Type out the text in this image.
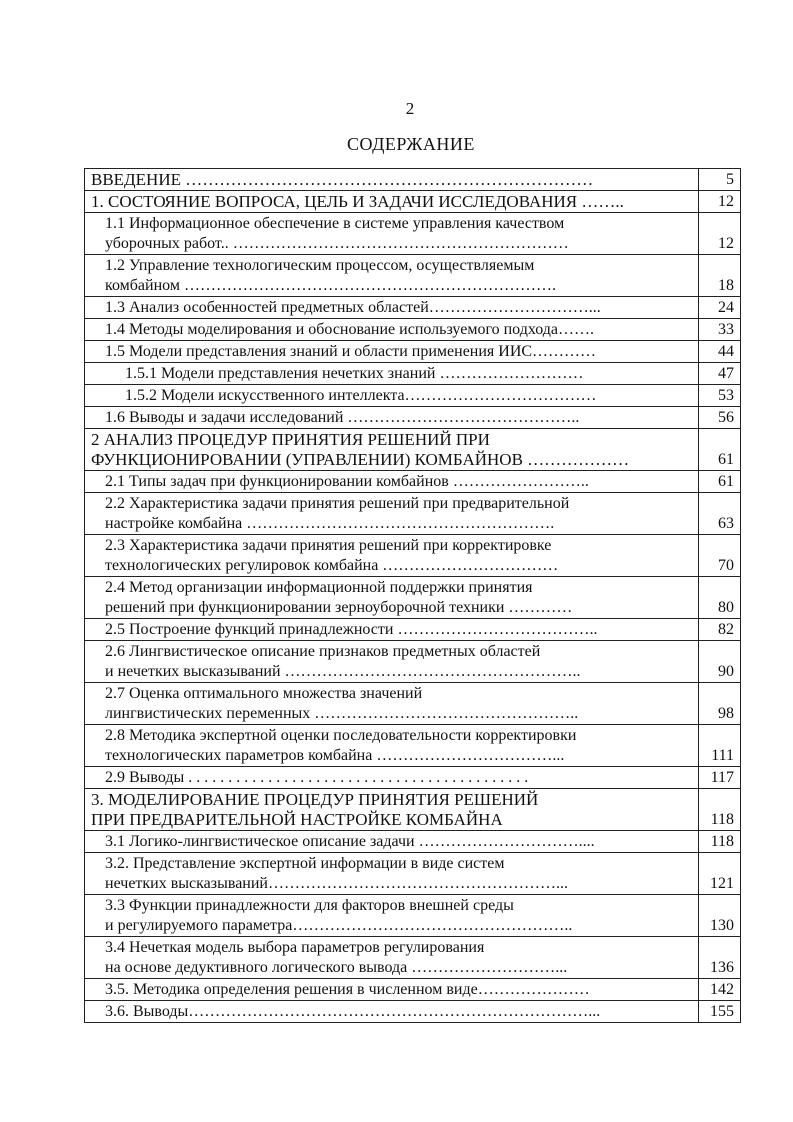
2
СОДЕРЖАНИЕ
ВВЕДЕНИЕ ………………………………………………………………	5
1. СОСТОЯНИЕ ВОПРОСА, ЦЕЛЬ И ЗАДАЧИ ИССЛЕДОВАНИЯ ……..	12
1.1 Информационное обеспечение в системе управления качеством
уборочных работ.. ………………………………………………………	12
1.2 Управление технологическим процессом, осуществляемым
комбайном …………………………………………………………….	18
1.3 Анализ особенностей предметных областей…………………………...	24
1.4 Методы моделирования и обоснование используемого подхода…….	33
1.5 Модели представления знаний и области применения ИИС…………	44
1.5.1 Модели представления нечетких знаний ………………………	47
1.5.2 Модели искусственного интеллекта………………………………	53
1.6 Выводы и задачи исследований ……………………………………..	56
2 АНАЛИЗ ПРОЦЕДУР ПРИНЯТИЯ РЕШЕНИЙ ПРИ
ФУНКЦИОНИРОВАНИИ (УПРАВЛЕНИИ) КОМБАЙНОВ ………………	61
2.1 Типы задач при функционировании комбайнов ……………………..	61
2.2 Характеристика задачи принятия решений при предварительной
настройке комбайна ………………………………………………….	63
2.3 Характеристика задачи принятия решений при корректировке
технологических регулировок комбайна ……………………………	70
2.4 Метод организации информационной поддержки принятия
решений при функционировании зерноуборочной техники …………	80
2.5 Построение функций принадлежности ………………………………..	82
2.6 Лингвистическое описание признаков предметных областей
и нечетких высказываний ………………………………………………..	90
2.7 Оценка оптимального множества значений
лингвистических переменных …………………………………………..	98
2.8 Методика экспертной оценки последовательности корректировки
технологических параметров комбайна ……………………………...	111
2.9 Выводы . . . . . . . . . . . . . . . . . . . . . . . . . . . . . . . . . . . . . . . . . . .	117
3. МОДЕЛИРОВАНИЕ ПРОЦЕДУР ПРИНЯТИЯ РЕШЕНИЙ
ПРИ ПРЕДВАРИТЕЛЬНОЙ НАСТРОЙКЕ КОМБАЙНА	118
3.1 Логико-лингвистическое описание задачи …………………………....	118
3.2. Представление экспертной информации в виде систем
нечетких высказываний………………………………………………...	121
3.3 Функции принадлежности для факторов внешней среды
и регулируемого параметра……………………………………………..	130
3.4 Нечеткая модель выбора параметров регулирования
на основе дедуктивного логического вывода ………………………...	136
3.5. Методика определения решения в численном виде…………………	142
3.6. Выводы…………………………………………………………………...	155
